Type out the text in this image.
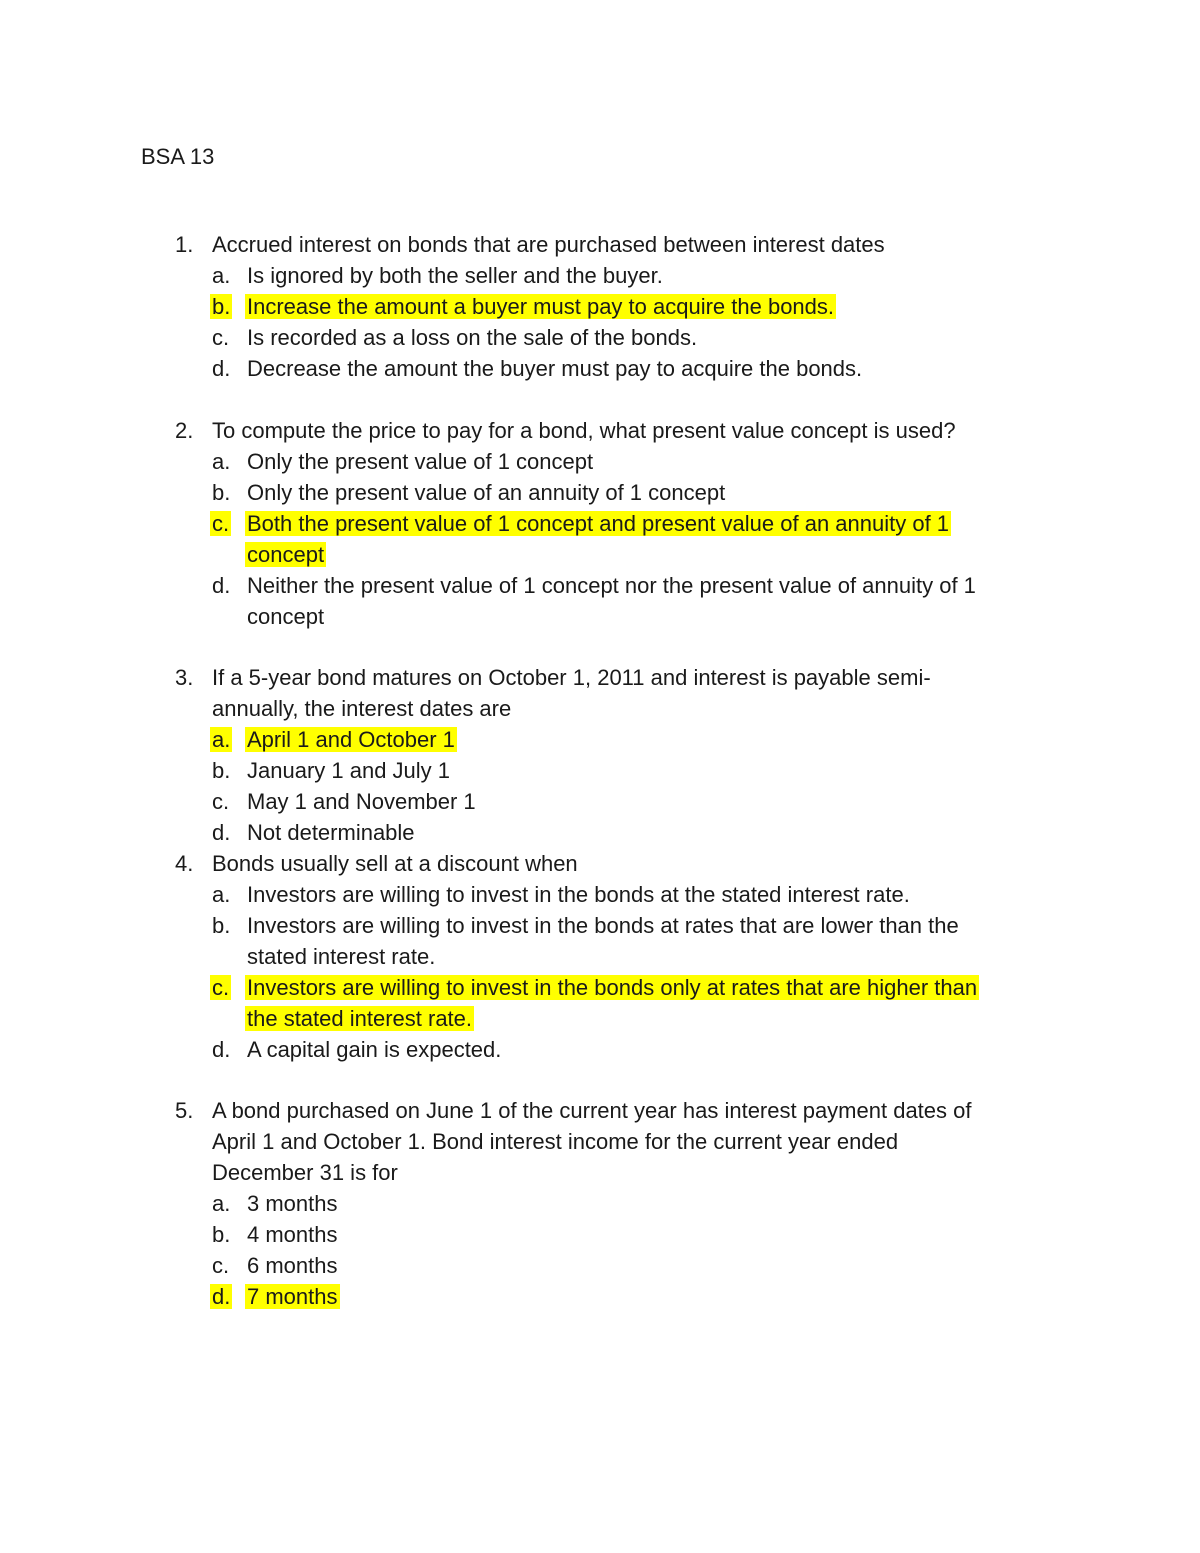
BSA 13
1. Accrued interest on bonds that are purchased between interest dates
a. Is ignored by both the seller and the buyer.
b. Increase the amount a buyer must pay to acquire the bonds.
c. Is recorded as a loss on the sale of the bonds.
d. Decrease the amount the buyer must pay to acquire the bonds.
2. To compute the price to pay for a bond, what present value concept is used?
a. Only the present value of 1 concept
b. Only the present value of an annuity of 1 concept
c. Both the present value of 1 concept and present value of an annuity of 1
concept
d. Neither the present value of 1 concept nor the present value of annuity of 1
concept
3. If a 5-year bond matures on October 1, 2011 and interest is payable semi-
annually, the interest dates are
a. April 1 and October 1
b. January 1 and July 1
c. May 1 and November 1
d. Not determinable
4. Bonds usually sell at a discount when
a. Investors are willing to invest in the bonds at the stated interest rate.
b. Investors are willing to invest in the bonds at rates that are lower than the
stated interest rate.
c. Investors are willing to invest in the bonds only at rates that are higher than
the stated interest rate.
d. A capital gain is expected.
5. A bond purchased on June 1 of the current year has interest payment dates of
April 1 and October 1. Bond interest income for the current year ended
December 31 is for
a. 3 months
b. 4 months
c. 6 months
d. 7 months
